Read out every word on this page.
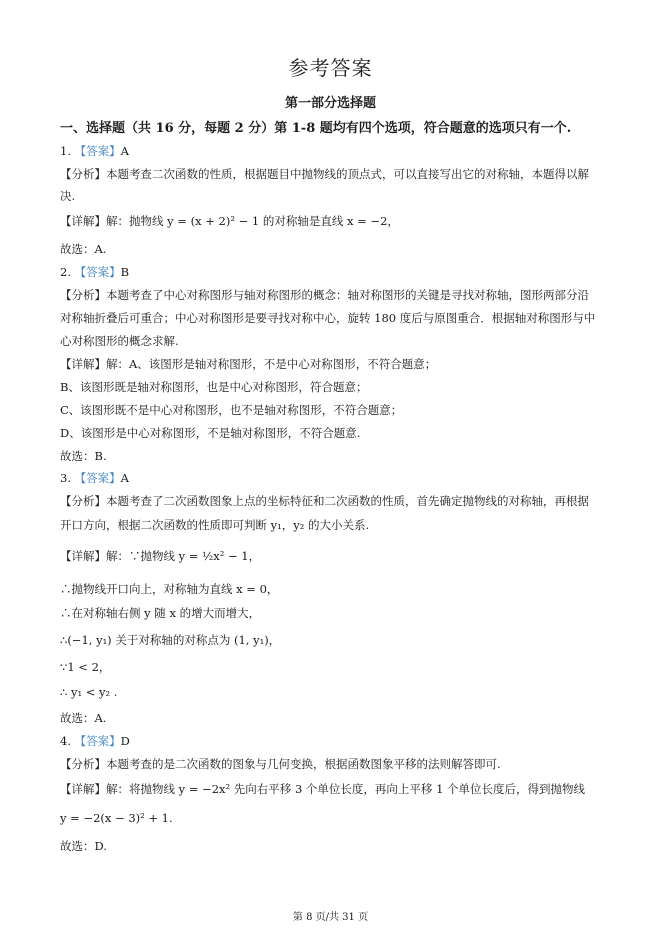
参考答案
第一部分选择题
一、选择题（共 16 分，每题 2 分）第 1-8 题均有四个选项，符合题意的选项只有一个.
1. 【答案】A
【分析】本题考查二次函数的性质，根据题目中抛物线的顶点式，可以直接写出它的对称轴，本题得以解
决.
【详解】解：抛物线 y = (x + 2)² − 1 的对称轴是直线 x = −2，
故选：A.
2. 【答案】B
【分析】本题考查了中心对称图形与轴对称图形的概念：轴对称图形的关键是寻找对称轴，图形两部分沿
对称轴折叠后可重合；中心对称图形是要寻找对称中心，旋转 180 度后与原图重合．根据轴对称图形与中
心对称图形的概念求解.
【详解】解：A、该图形是轴对称图形，不是中心对称图形，不符合题意；
B、该图形既是轴对称图形，也是中心对称图形，符合题意；
C、该图形既不是中心对称图形，也不是轴对称图形，不符合题意；
D、该图形是中心对称图形，不是轴对称图形，不符合题意.
故选：B.
3. 【答案】A
【分析】本题考查了二次函数图象上点的坐标特征和二次函数的性质，首先确定抛物线的对称轴，再根据
开口方向，根据二次函数的性质即可判断 y₁，y₂ 的大小关系.
【详解】解：∵抛物线 y = ½x² − 1，
∴抛物线开口向上，对称轴为直线 x = 0，
∴在对称轴右侧 y 随 x 的增大而增大，
∴(−1, y₁) 关于对称轴的对称点为 (1, y₁)，
∵1 < 2，
∴ y₁ < y₂ .
故选：A.
4. 【答案】D
【分析】本题考查的是二次函数的图象与几何变换，根据函数图象平移的法则解答即可.
【详解】解：将抛物线 y = −2x² 先向右平移 3 个单位长度，再向上平移 1 个单位长度后，得到抛物线
y = −2(x − 3)² + 1.
故选：D.
第 8 页/共 31 页
